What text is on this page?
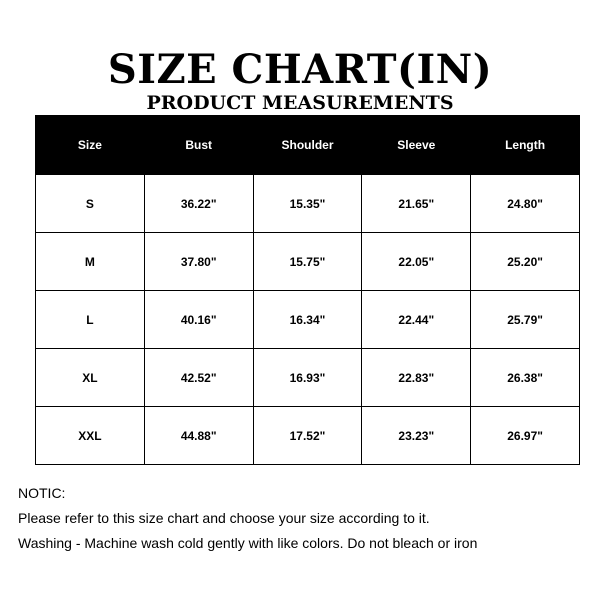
SIZE CHART(IN)
PRODUCT MEASUREMENTS
Size	Bust	Shoulder	Sleeve	Length
S	36.22"	15.35"	21.65"	24.80"
M	37.80"	15.75"	22.05"	25.20"
L	40.16"	16.34"	22.44"	25.79"
XL	42.52"	16.93"	22.83"	26.38"
XXL	44.88"	17.52"	23.23"	26.97"
NOTIC:
Please refer to this size chart and choose your size according to it.
Washing - Machine wash cold gently with like colors. Do not bleach or iron
